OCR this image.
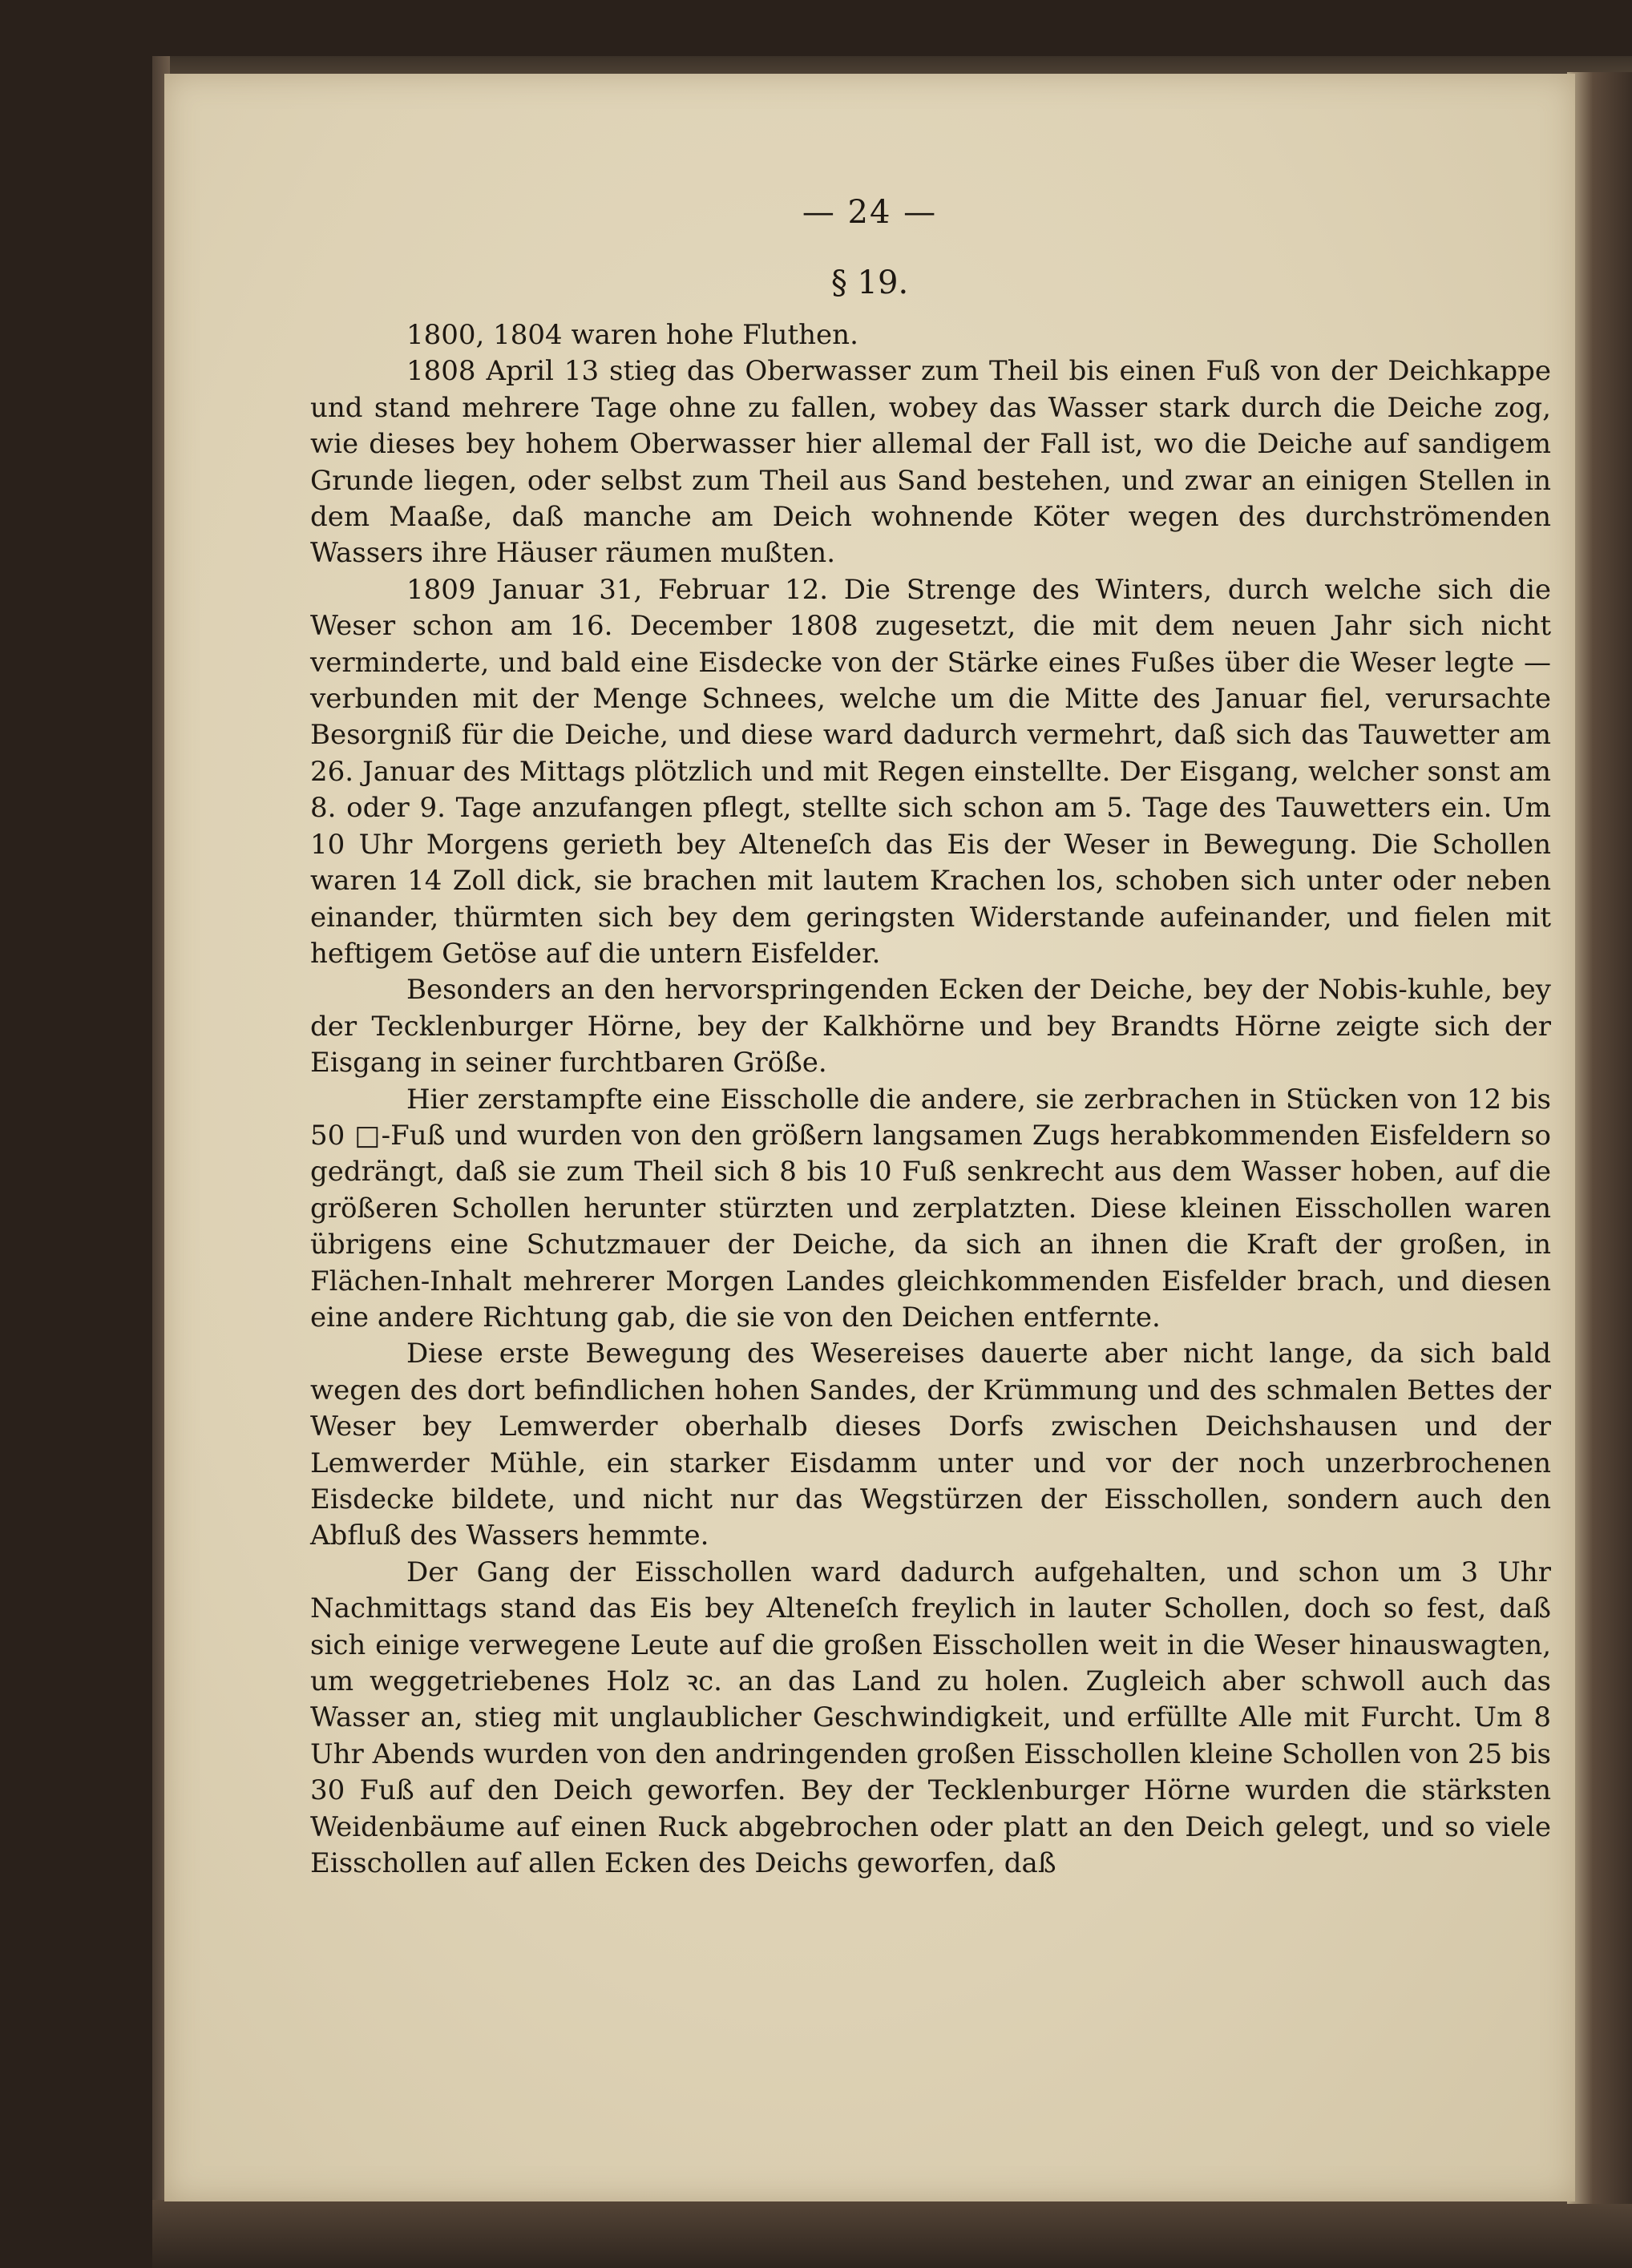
— 24 —
§ 19.

1800, 1804 waren hohe Fluthen.

1808 April 13 stieg das Oberwasser zum Theil bis einen Fuß von der Deichkappe und stand mehrere Tage ohne zu fallen, wobey das Wasser stark durch die Deiche zog, wie dieses bey hohem Oberwasser hier allemal der Fall ist, wo die Deiche auf sandigem Grunde liegen, oder selbst zum Theil aus Sand bestehen, und zwar an einigen Stellen in dem Maaße, daß manche am Deich wohnende Köter wegen des durchströmenden Wassers ihre Häuser räumen mußten.

1809 Januar 31, Februar 12. Die Strenge des Winters, durch welche sich die Weser schon am 16. December 1808 zugesetzt, die mit dem neuen Jahr sich nicht verminderte, und bald eine Eisdecke von der Stärke eines Fußes über die Weser legte — verbunden mit der Menge Schnees, welche um die Mitte des Januar fiel, verursachte Besorgniß für die Deiche, und diese ward dadurch vermehrt, daß sich das Tauwetter am 26. Januar des Mittags plötzlich und mit Regen einstellte. Der Eisgang, welcher sonst am 8. oder 9. Tage anzufangen pflegt, stellte sich schon am 5. Tage des Tauwetters ein. Um 10 Uhr Morgens gerieth bey Alteneſch das Eis der Weser in Bewegung. Die Schollen waren 14 Zoll dick, sie brachen mit lautem Krachen los, schoben sich unter oder neben einander, thürmten sich bey dem geringsten Widerstande aufeinander, und fielen mit heftigem Getöse auf die untern Eisfelder.

Besonders an den hervorspringenden Ecken der Deiche, bey der Nobis-kuhle, bey der Tecklenburger Hörne, bey der Kalkhörne und bey Brandts Hörne zeigte sich der Eisgang in seiner furchtbaren Größe.

Hier zerstampfte eine Eisscholle die andere, sie zerbrachen in Stücken von 12 bis 50 □-Fuß und wurden von den größern langsamen Zugs herabkommenden Eisfeldern so gedrängt, daß sie zum Theil sich 8 bis 10 Fuß senkrecht aus dem Wasser hoben, auf die größeren Schollen herunter stürzten und zerplatzten. Diese kleinen Eisschollen waren übrigens eine Schutzmauer der Deiche, da sich an ihnen die Kraft der großen, in Flächen-Inhalt mehrerer Morgen Landes gleichkommenden Eisfelder brach, und diesen eine andere Richtung gab, die sie von den Deichen entfernte.

Diese erste Bewegung des Wesereises dauerte aber nicht lange, da sich bald wegen des dort befindlichen hohen Sandes, der Krümmung und des schmalen Bettes der Weser bey Lemwerder oberhalb dieses Dorfs zwischen Deichshausen und der Lemwerder Mühle, ein starker Eisdamm unter und vor der noch unzerbrochenen Eisdecke bildete, und nicht nur das Wegstürzen der Eisschollen, sondern auch den Abfluß des Wassers hemmte.

Der Gang der Eisschollen ward dadurch aufgehalten, und schon um 3 Uhr Nachmittags stand das Eis bey Alteneſch freylich in lauter Schollen, doch so fest, daß sich einige verwegene Leute auf die großen Eisschollen weit in die Weser hinauswagten, um weggetriebenes Holz ꝛc. an das Land zu holen. Zugleich aber schwoll auch das Wasser an, stieg mit unglaublicher Geschwindigkeit, und erfüllte Alle mit Furcht. Um 8 Uhr Abends wurden von den andringenden großen Eisschollen kleine Schollen von 25 bis 30 Fuß auf den Deich geworfen. Bey der Tecklenburger Hörne wurden die stärksten Weidenbäume auf einen Ruck abgebrochen oder platt an den Deich gelegt, und so viele Eisschollen auf allen Ecken des Deichs geworfen, daß
